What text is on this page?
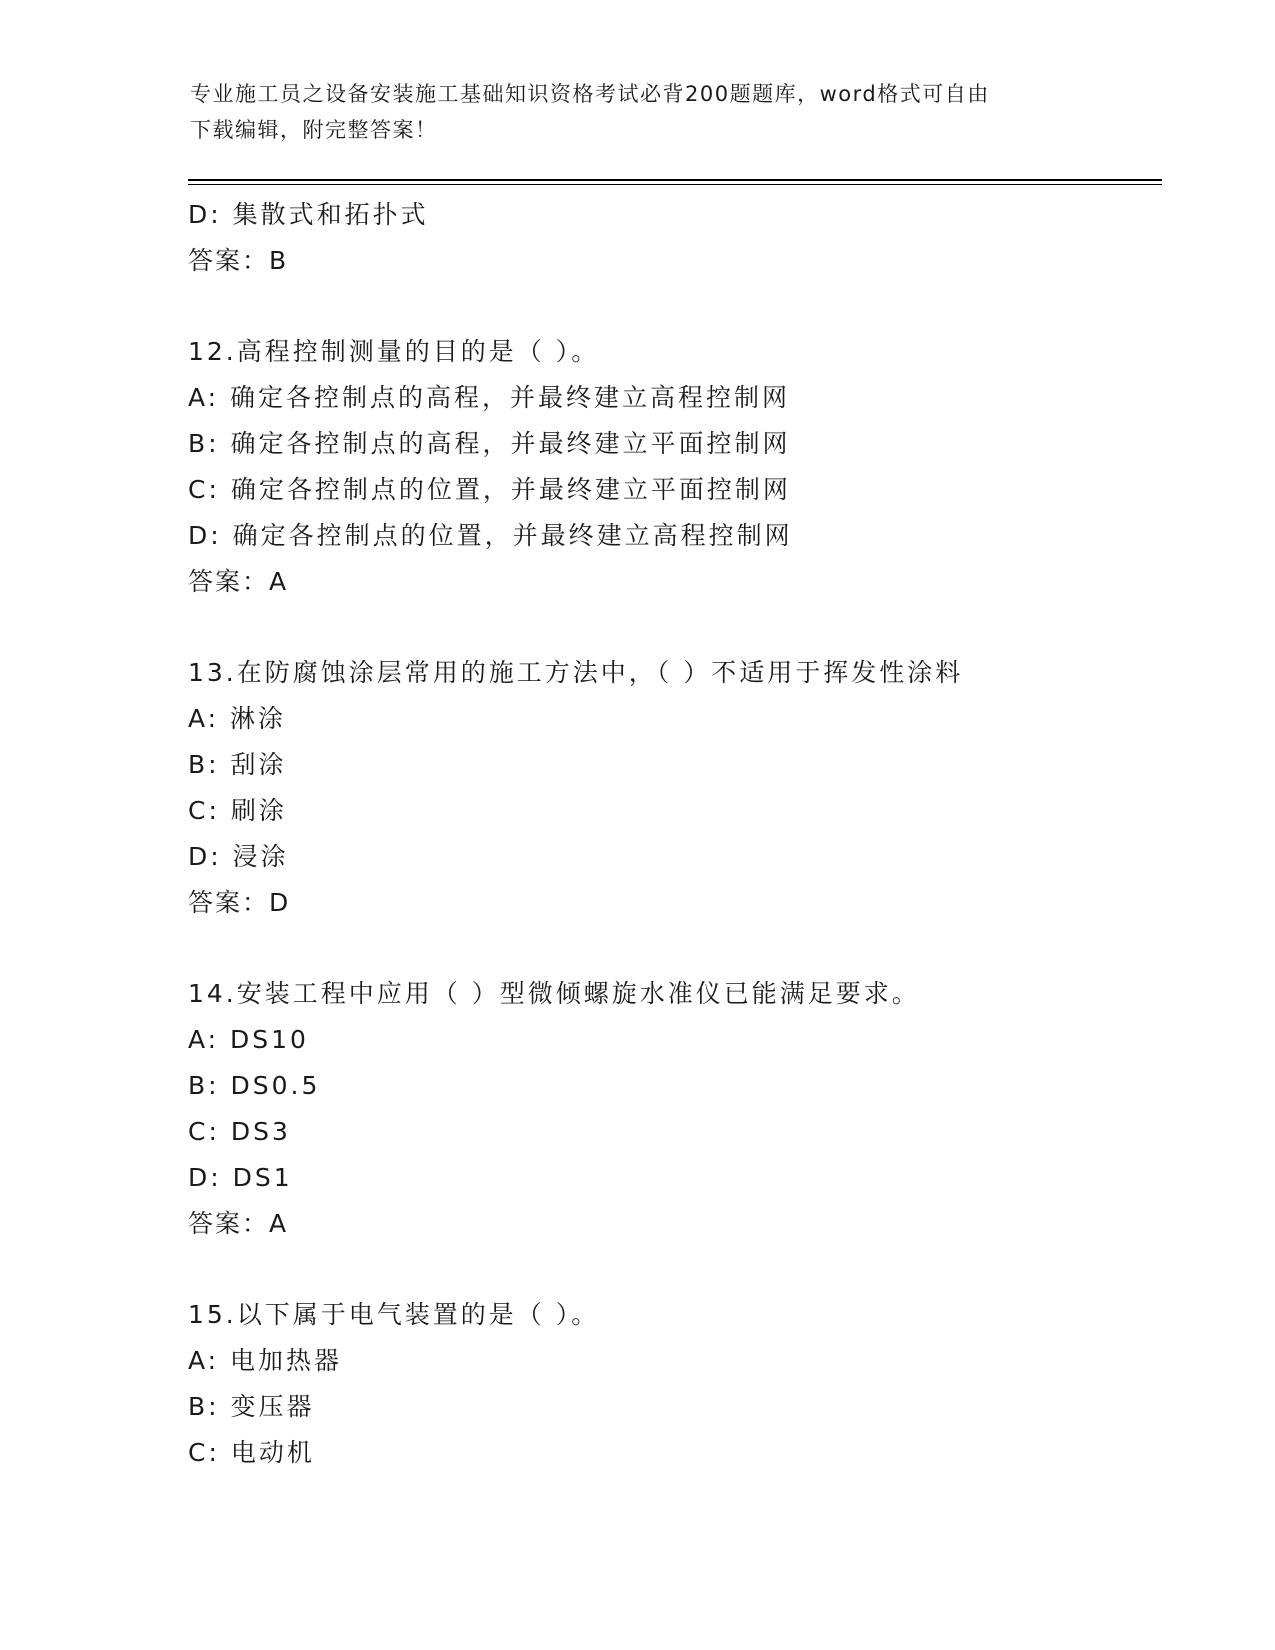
专业施工员之设备安装施工基础知识资格考试必背200题题库，word格式可自由
下载编辑，附完整答案！
D: 集散式和拓扑式
答案：B
12.高程控制测量的目的是（ ）。
A: 确定各控制点的高程，并最终建立高程控制网
B: 确定各控制点的高程，并最终建立平面控制网
C: 确定各控制点的位置，并最终建立平面控制网
D: 确定各控制点的位置，并最终建立高程控制网
答案：A
13.在防腐蚀涂层常用的施工方法中，（ ）不适用于挥发性涂料
A: 淋涂
B: 刮涂
C: 刷涂
D: 浸涂
答案：D
14.安装工程中应用（ ）型微倾螺旋水准仪已能满足要求。
A: DS10
B: DS0.5
C: DS3
D: DS1
答案：A
15.以下属于电气装置的是（ ）。
A: 电加热器
B: 变压器
C: 电动机
